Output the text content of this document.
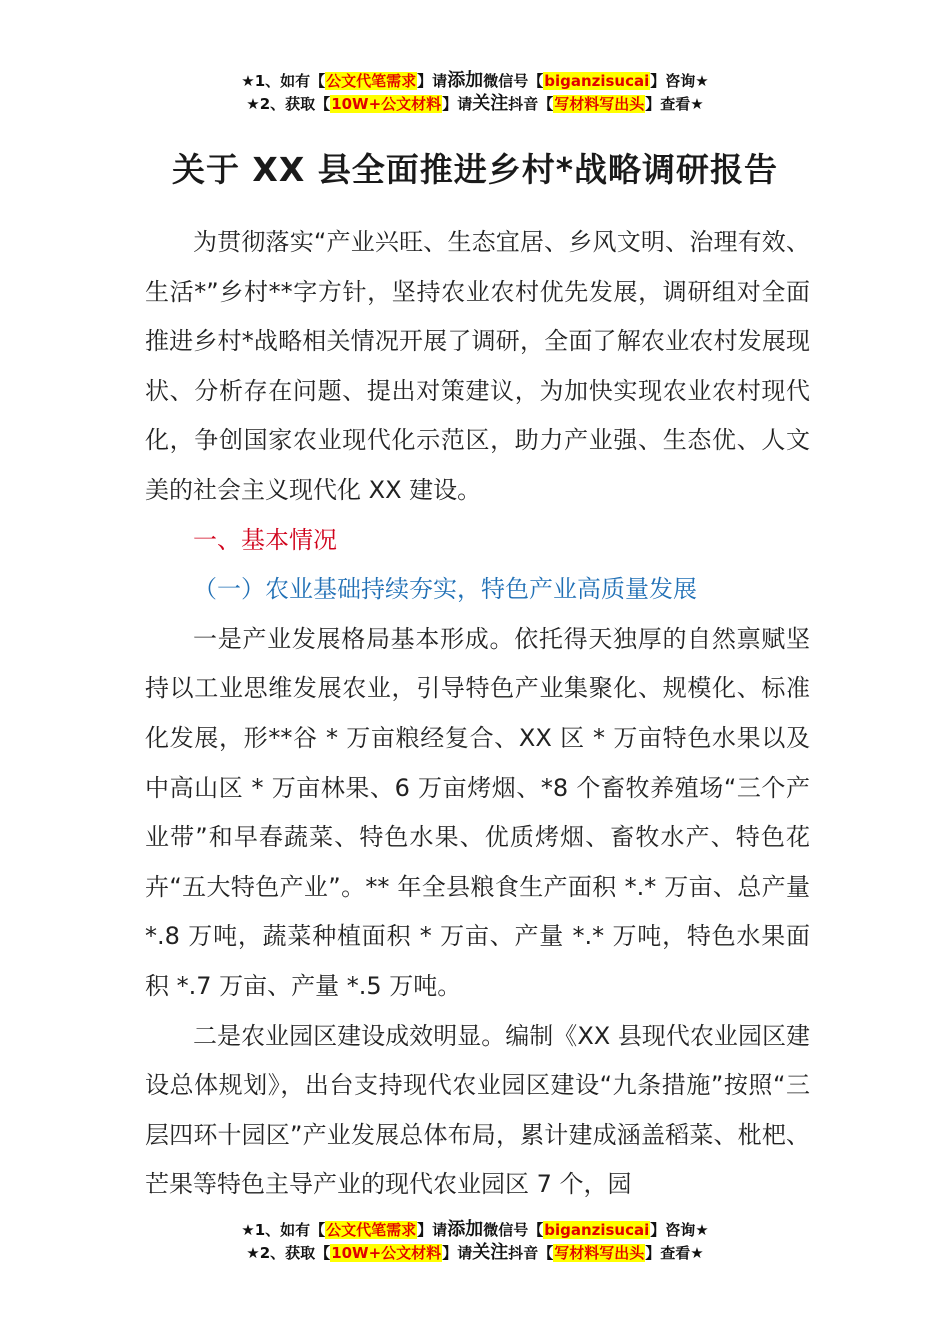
★1、如有【公文代笔需求】请添加微信号【biganzisucai】咨询★
★2、获取【10W+公文材料】请关注抖音【写材料写出头】查看★
关于 XX 县全面推进乡村*战略调研报告

为贯彻落实“产业兴旺、生态宜居、乡风文明、治理有效、生活*”乡村**字方针，坚持农业农村优先发展，调研组对全面推进乡村*战略相关情况开展了调研，全面了解农业农村发展现状、分析存在问题、提出对策建议，为加快实现农业农村现代化，争创国家农业现代化示范区，助力产业强、生态优、人文美的社会主义现代化 XX 建设。

一、基本情况

（一）农业基础持续夯实，特色产业高质量发展

一是产业发展格局基本形成。依托得天独厚的自然禀赋坚持以工业思维发展农业，引导特色产业集聚化、规模化、标准化发展，形**谷 * 万亩粮经复合、XX 区 * 万亩特色水果以及中高山区 * 万亩林果、6 万亩烤烟、*8 个畜牧养殖场“三个产业带”和早春蔬菜、特色水果、优质烤烟、畜牧水产、特色花卉“五大特色产业”。** 年全县粮食生产面积 *.* 万亩、总产量 *.8 万吨，蔬菜种植面积 * 万亩、产量 *.* 万吨，特色水果面积 *.7 万亩、产量 *.5 万吨。

二是农业园区建设成效明显。编制《XX 县现代农业园区建设总体规划》，出台支持现代农业园区建设“九条措施”按照“三层四环十园区”产业发展总体布局，累计建成涵盖稻菜、枇杷、芒果等特色主导产业的现代农业园区 7 个，园

★1、如有【公文代笔需求】请添加微信号【biganzisucai】咨询★
★2、获取【10W+公文材料】请关注抖音【写材料写出头】查看★
